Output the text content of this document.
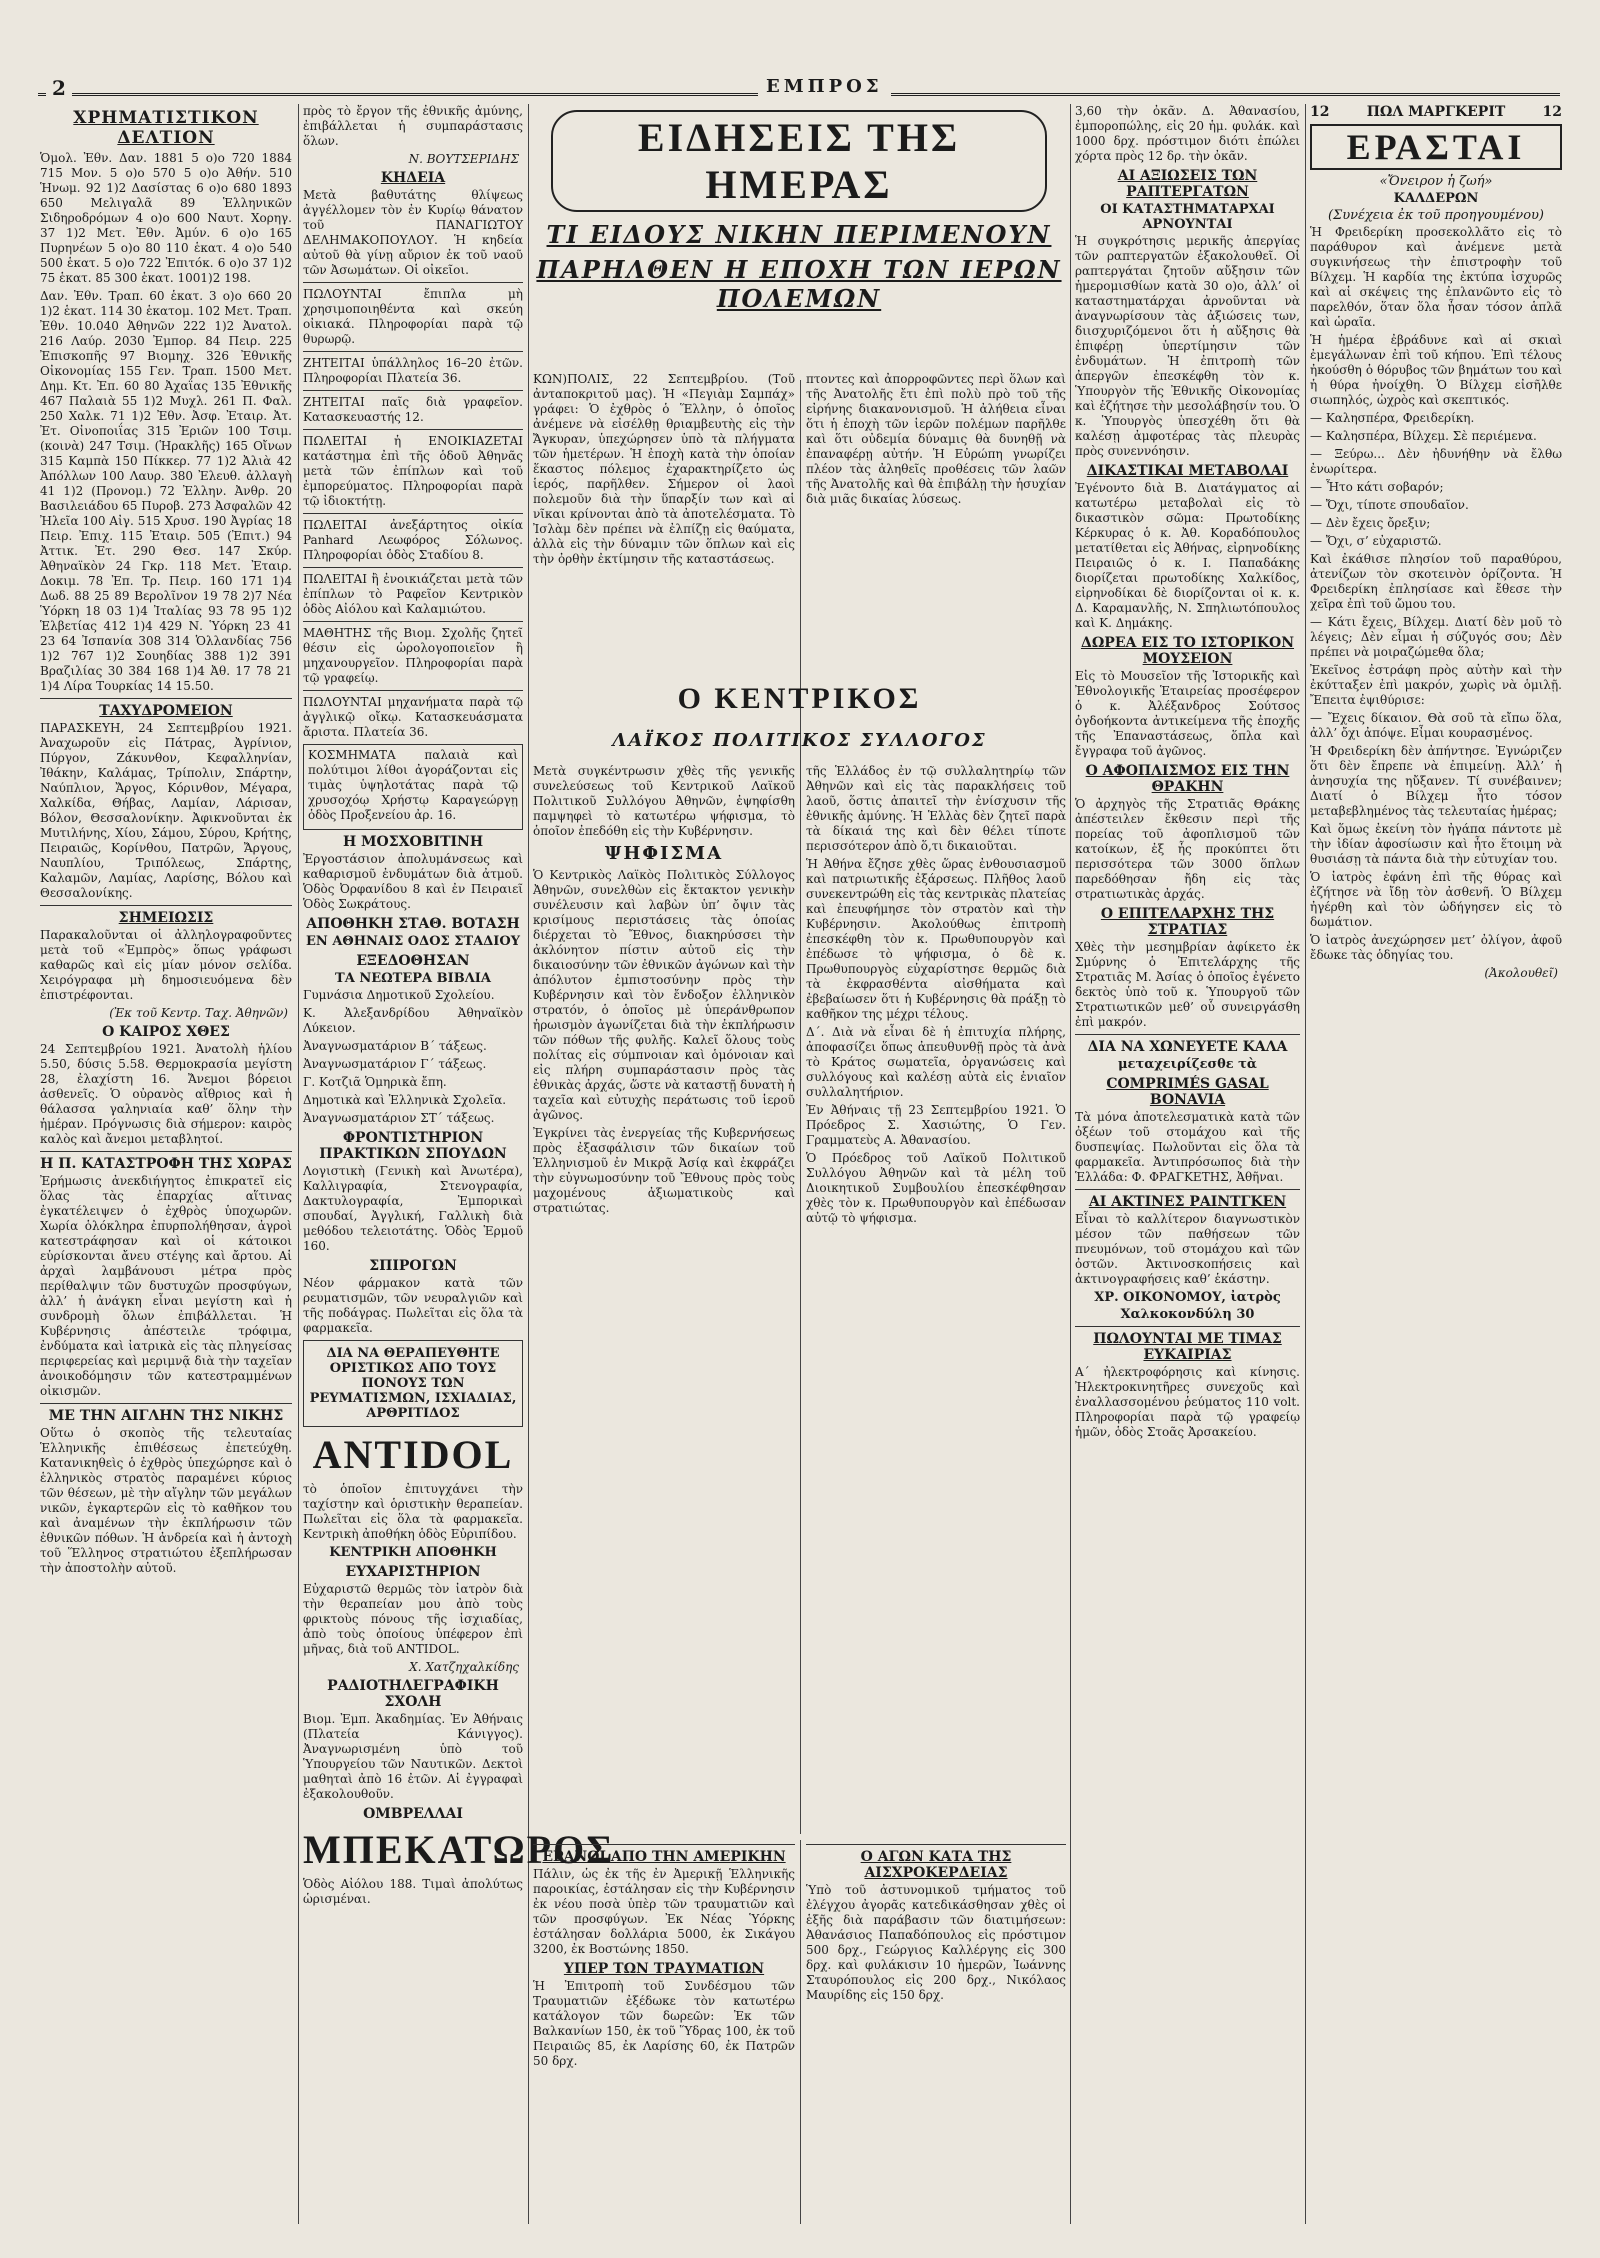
2	ΕΜΠΡΟΣ
ΧΡΗΜΑΤΙΣΤΙΚΟΝ ΔΕΛΤΙΟΝ

Ὁμολ. Ἐθν. Δαν. 1881 5 ο)ο 720 1884 715 Μον. 5 ο)ο 570 5 ο)ο Ἀθήν. 510 Ἡνωμ. 92 1)2 Δασίστας 6 ο)ο 680 1893 650 Μελιγαλᾶ 89 Ἑλληνικῶν Σιδηροδρόμων 4 ο)ο 600 Ναυτ. Χορηγ. 37 1)2 Μετ. Ἐθν. Ἀμύν. 6 ο)ο 165 Πυρηνέων 5 ο)ο 80 110 ἑκατ. 4 ο)ο 540 500 ἑκατ. 5 ο)ο 722 Ἐπιτόκ. 6 ο)ο 37 1)2 75 ἑκατ. 85 300 ἑκατ. 1001)2 198.

Δαν. Ἐθν. Τραπ. 60 ἑκατ. 3 ο)ο 660 20 1)2 ἑκατ. 114 30 ἑκατομ. 102 Μετ. Τραπ. Ἐθν. 10.040 Ἀθηνῶν 222 1)2 Ἀνατολ. 216 Λαύρ. 2030 Ἐμπορ. 84 Πειρ. 225 Ἐπισκοπῆς 97 Βιομηχ. 326 Ἐθνικῆς Οἰκονομίας 155 Γεν. Τραπ. 1500 Μετ. Δημ. Κτ. Ἐπ. 60 80 Ἀχαΐας 135 Ἐθνικῆς 467 Παλαιὰ 55 1)2 Μυχλ. 261 Π. Φαλ. 250 Χαλκ. 71 1)2 Ἐθν. Ἀσφ. Ἐταιρ. Ἀτ. Ἐτ. Οἰνοποιΐας 315 Ἐριῶν 100 Τσιμ. (κοινὰ) 247 Τσιμ. (Ἡρακλῆς) 165 Οἴνων 315 Καμπὰ 150 Πίκκερ. 77 1)2 Ἀλιὰ 42 Ἀπόλλων 100 Λαυρ. 380 Ἐλευθ. ἀλλαγὴ 41 1)2 (Προνομ.) 72 Ἐλλην. Ἀνθρ. 20 Βασιλειάδου 65 Πυροβ. 273 Ἀσφαλῶν 42 Ἠλεῖα 100 Αἰγ. 515 Χρυσ. 190 Ἀγρίας 18 Πειρ. Ἐπιχ. 115 Ἐταιρ. 505 (Ἐπιτ.) 94 Ἀττικ. Ἐτ. 290 Θεσ. 147 Σκύρ. Ἀθηναϊκὸν 24 Γκρ. 118 Μετ. Ἐταιρ. Δοκιμ. 78 Ἐπ. Τρ. Πειρ. 160 171 1)4 Δωδ. 88 25 89 Βερολῖνον 19 78 2)7 Νέα Ὑόρκη 18 03 1)4 Ἰταλίας 93 78 95 1)2 Ἑλβετίας 412 1)4 429 Ν. Ὑόρκη 23 41 23 64 Ἰσπανία 308 314 Ὁλλανδίας 756 1)2 767 1)2 Σουηδίας 388 1)2 391 Βραζιλίας 30 384 168 1)4 Ἀθ. 17 78 21 1)4 Λίρα Τουρκίας 14 15.50.

ΤΑΧΥΔΡΟΜΕΙΟΝ

ΠΑΡΑΣΚΕΥΗ, 24 Σεπτεμβρίου 1921. Ἀναχωροῦν εἰς Πάτρας, Ἀγρίνιον, Πύργον, Ζάκυνθον, Κεφαλληνίαν, Ἰθάκην, Καλάμας, Τρίπολιν, Σπάρτην, Ναύπλιον, Ἄργος, Κόρινθον, Μέγαρα, Χαλκίδα, Θήβας, Λαμίαν, Λάρισαν, Βόλον, Θεσσαλονίκην. Ἀφικνοῦνται ἐκ Μυτιλήνης, Χίου, Σάμου, Σύρου, Κρήτης, Πειραιῶς, Κορίνθου, Πατρῶν, Ἄργους, Ναυπλίου, Τριπόλεως, Σπάρτης, Καλαμῶν, Λαμίας, Λαρίσης, Βόλου καὶ Θεσσαλονίκης.

ΣΗΜΕΙΩΣΙΣ

Παρακαλοῦνται οἱ ἀλληλογραφοῦντες μετὰ τοῦ «Ἐμπρὸς» ὅπως γράφωσι καθαρῶς καὶ εἰς μίαν μόνον σελίδα. Χειρόγραφα μὴ δημοσιευόμενα δὲν ἐπιστρέφονται.

(Ἐκ τοῦ Κεντρ. Ταχ. Ἀθηνῶν)
Ο ΚΑΙΡΟΣ ΧΘΕΣ

24 Σεπτεμβρίου 1921. Ἀνατολὴ ἡλίου 5.50, δύσις 5.58. Θερμοκρασία μεγίστη 28, ἐλαχίστη 16. Ἄνεμοι βόρειοι ἀσθενεῖς. Ὁ οὐρανὸς αἴθριος καὶ ἡ θάλασσα γαληνιαία καθ’ ὅλην τὴν ἡμέραν. Πρόγνωσις διὰ σήμερον: καιρὸς καλὸς καὶ ἄνεμοι μεταβλητοί.

Η Π. ΚΑΤΑΣΤΡΟΦΗ ΤΗΣ ΧΩΡΑΣ

Ἐρήμωσις ἀνεκδιήγητος ἐπικρατεῖ εἰς ὅλας τὰς ἐπαρχίας αἵτινας ἐγκατέλειψεν ὁ ἐχθρὸς ὑποχωρῶν. Χωρία ὁλόκληρα ἐπυρπολήθησαν, ἀγροὶ κατεστράφησαν καὶ οἱ κάτοικοι εὑρίσκονται ἄνευ στέγης καὶ ἄρτου. Αἱ ἀρχαὶ λαμβάνουσι μέτρα πρὸς περίθαλψιν τῶν δυστυχῶν προσφύγων, ἀλλ’ ἡ ἀνάγκη εἶναι μεγίστη καὶ ἡ συνδρομὴ ὅλων ἐπιβάλλεται. Ἡ Κυβέρνησις ἀπέστειλε τρόφιμα, ἐνδύματα καὶ ἰατρικὰ εἰς τὰς πληγείσας περιφερείας καὶ μεριμνᾷ διὰ τὴν ταχεῖαν ἀνοικοδόμησιν τῶν κατεστραμμένων οἰκισμῶν.

ΜΕ ΤΗΝ ΑΙΓΛΗΝ ΤΗΣ ΝΙΚΗΣ

Οὕτω ὁ σκοπὸς τῆς τελευταίας Ἑλληνικῆς ἐπιθέσεως ἐπετεύχθη. Κατανικηθεὶς ὁ ἐχθρὸς ὑπεχώρησε καὶ ὁ ἑλληνικὸς στρατὸς παραμένει κύριος τῶν θέσεων, μὲ τὴν αἴγλην τῶν μεγάλων νικῶν, ἐγκαρτερῶν εἰς τὸ καθῆκον του καὶ ἀναμένων τὴν ἐκπλήρωσιν τῶν ἐθνικῶν πόθων. Ἡ ἀνδρεία καὶ ἡ ἀντοχὴ τοῦ Ἕλληνος στρατιώτου ἐξεπλήρωσαν τὴν ἀποστολὴν αὐτοῦ.

πρὸς τὸ ἔργον τῆς ἐθνικῆς ἀμύνης, ἐπιβάλλεται ἡ συμπαράστασις ὅλων.

Ν. ΒΟΥΤΣΕΡΙΔΗΣ
ΚΗΔΕΙΑ

Μετὰ βαθυτάτης θλίψεως ἀγγέλλομεν τὸν ἐν Κυρίῳ θάνατον τοῦ ΠΑΝΑΓΙΩΤΟΥ ΔΕΛΗΜΑΚΟΠΟΥΛΟΥ. Ἡ κηδεία αὐτοῦ θὰ γίνῃ αὔριον ἐκ τοῦ ναοῦ τῶν Ἀσωμάτων. Οἱ οἰκεῖοι.

ΠΩΛΟΥΝΤΑΙ ἔπιπλα μὴ χρησιμοποιηθέντα καὶ σκεύη οἰκιακά. Πληροφορίαι παρὰ τῷ θυρωρῷ.

ΖΗΤΕΙΤΑΙ ὑπάλληλος 16–20 ἐτῶν. Πληροφορίαι Πλατεία 36.

ΖΗΤΕΙΤΑΙ παῖς διὰ γραφεῖον. Κατασκευαστής 12.

ΠΩΛΕΙΤΑΙ ἡ ΕΝΟΙΚΙΑΖΕΤΑΙ κατάστημα ἐπὶ τῆς ὁδοῦ Ἀθηνᾶς μετὰ τῶν ἐπίπλων καὶ τοῦ ἐμπορεύματος. Πληροφορίαι παρὰ τῷ ἰδιοκτήτῃ.

ΠΩΛΕΙΤΑΙ ἀνεξάρτητος οἰκία Panhard Λεωφόρος Σόλωνος. Πληροφορίαι ὁδὸς Σταδίου 8.

ΠΩΛΕΙΤΑΙ ἢ ἐνοικιάζεται μετὰ τῶν ἐπίπλων τὸ Ραφεῖον Κεντρικὸν ὁδὸς Αἰόλου καὶ Καλαμιώτου.

ΜΑΘΗΤΗΣ τῆς Βιομ. Σχολῆς ζητεῖ θέσιν εἰς ὡρολογοποιεῖον ἢ μηχανουργεῖον. Πληροφορίαι παρὰ τῷ γραφείῳ.

ΠΩΛΟΥΝΤΑΙ μηχανήματα παρὰ τῷ ἀγγλικῷ οἴκῳ. Κατασκευάσματα ἄριστα. Πλατεία 36.

ΚΟΣΜΗΜΑΤΑ παλαιὰ καὶ πολύτιμοι λίθοι ἀγοράζονται εἰς τιμὰς ὑψηλοτάτας παρὰ τῷ χρυσοχόῳ Χρήστῳ Καραγεώργῃ ὁδὸς Προξενείου ἀρ. 16.

Η ΜΟΣΧΟΒΙΤΙΝΗ

Ἐργοστάσιον ἀπολυμάνσεως καὶ καθαρισμοῦ ἐνδυμάτων διὰ ἀτμοῦ. Ὁδὸς Ὀρφανίδου 8 καὶ ἐν Πειραιεῖ Ὁδὸς Σωκράτους.

ΑΠΟΘΗΚΗ ΣΤΑΘ. ΒΟΤΑΣΗ
ΕΝ ΑΘΗΝΑΙΣ ΟΔΟΣ ΣΤΑΔΙΟΥ
ΕΞΕΔΟΘΗΣΑΝ
ΤΑ ΝΕΩΤΕΡΑ ΒΙΒΛΙΑ

Γυμνάσια Δημοτικοῦ Σχολείου.

Κ. Ἀλεξανδρίδου Ἀθηναϊκὸν Λύκειον.

Ἀναγνωσματάριον Β΄ τάξεως.

Ἀναγνωσματάριον Γ΄ τάξεως.

Γ. Κοτζιᾶ Ὁμηρικὰ ἔπη.

Δημοτικὰ καὶ Ἑλληνικὰ Σχολεῖα.

Ἀναγνωσματάριον ΣΤ΄ τάξεως.

ΦΡΟΝΤΙΣΤΗΡΙΟΝ ΠΡΑΚΤΙΚΩΝ ΣΠΟΥΔΩΝ

Λογιστικὴ (Γενικὴ καὶ Ἀνωτέρα), Καλλιγραφία, Στενογραφία, Δακτυλογραφία, Ἐμπορικαὶ σπουδαί, Ἀγγλική, Γαλλικὴ διὰ μεθόδου τελειοτάτης. Ὁδὸς Ἑρμοῦ 160.

ΣΠΙΡΟΓΩΝ

Νέον φάρμακον κατὰ τῶν ρευματισμῶν, τῶν νευραλγιῶν καὶ τῆς ποδάγρας. Πωλεῖται εἰς ὅλα τὰ φαρμακεῖα.

ΔΙΑ ΝΑ ΘΕΡΑΠΕΥΘΗΤΕ ΟΡΙΣΤΙΚΩΣ ΑΠΟ ΤΟΥΣ ΠΟΝΟΥΣ ΤΩΝ ΡΕΥΜΑΤΙΣΜΩΝ, ΙΣΧΙΑΔΙΑΣ, ΑΡΘΡΙΤΙΔΟΣ
ANTIDOL

τὸ ὁποῖον ἐπιτυγχάνει τὴν ταχίστην καὶ ὁριστικὴν θεραπείαν. Πωλεῖται εἰς ὅλα τὰ φαρμακεῖα. Κεντρικὴ ἀποθήκη ὁδὸς Εὐριπίδου.

ΚΕΝΤΡΙΚΗ ΑΠΟΘΗΚΗ
ΕΥΧΑΡΙΣΤΗΡΙΟΝ

Εὐχαριστῶ θερμῶς τὸν ἰατρὸν διὰ τὴν θεραπείαν μου ἀπὸ τοὺς φρικτοὺς πόνους τῆς ἰσχιαδίας, ἀπὸ τοὺς ὁποίους ὑπέφερον ἐπὶ μῆνας, διὰ τοῦ ANTIDOL.

Χ. Χατζηχαλκίδης
ΡΑΔΙΟΤΗΛΕΓΡΑΦΙΚΗ ΣΧΟΛΗ

Βιομ. Ἐμπ. Ἀκαδημίας. Ἐν Ἀθήναις (Πλατεία Κάνιγγος). Ἀναγνωρισμένη ὑπὸ τοῦ Ὑπουργείου τῶν Ναυτικῶν. Δεκτοὶ μαθηταὶ ἀπὸ 16 ἐτῶν. Αἱ ἐγγραφαὶ ἐξακολουθοῦν.

ΟΜΒΡΕΛΛΑΙ
ΜΠΕΚΑΤΩΡΟΣ

Ὁδὸς Αἰόλου 188. Τιμαὶ ἀπολύτως ὡρισμέναι.

ΕΙΔΗΣΕΙΣ ΤΗΣ ΗΜΕΡΑΣ
ΤΙ ΕΙΔΟΥΣ ΝΙΚΗΝ ΠΕΡΙΜΕΝΟΥΝ
ΠΑΡΗΛΘΕΝ Η ΕΠΟΧΗ ΤΩΝ ΙΕΡΩΝ ΠΟΛΕΜΩΝ

ΚΩΝ)ΠΟΛΙΣ, 22 Σεπτεμβρίου. (Τοῦ ἀνταποκριτοῦ μας). Ἡ «Πεγιὰμ Σαμπάχ» γράφει: Ὁ ἐχθρὸς ὁ Ἕλλην, ὁ ὁποῖος ἀνέμενε νὰ εἰσέλθῃ θριαμβευτὴς εἰς τὴν Ἄγκυραν, ὑπεχώρησεν ὑπὸ τὰ πλήγματα τῶν ἡμετέρων. Ἡ ἐποχὴ κατὰ τὴν ὁποίαν ἕκαστος πόλεμος ἐχαρακτηρίζετο ὡς ἱερός, παρῆλθεν. Σήμερον οἱ λαοὶ πολεμοῦν διὰ τὴν ὕπαρξίν των καὶ αἱ νῖκαι κρίνονται ἀπὸ τὰ ἀποτελέσματα. Τὸ Ἰσλὰμ δὲν πρέπει νὰ ἐλπίζῃ εἰς θαύματα, ἀλλὰ εἰς τὴν δύναμιν τῶν ὅπλων καὶ εἰς τὴν ὀρθὴν ἐκτίμησιν τῆς καταστάσεως.

πτοντες καὶ ἀπορροφῶντες περὶ ὅλων καὶ τῆς Ἀνατολῆς ἔτι ἐπὶ πολὺ πρὸ τοῦ τῆς εἰρήνης διακανονισμοῦ. Ἡ ἀλήθεια εἶναι ὅτι ἡ ἐποχὴ τῶν ἱερῶν πολέμων παρῆλθε καὶ ὅτι οὐδεμία δύναμις θὰ δυνηθῇ νὰ ἐπαναφέρῃ αὐτήν. Ἡ Εὐρώπη γνωρίζει πλέον τὰς ἀληθεῖς προθέσεις τῶν λαῶν τῆς Ἀνατολῆς καὶ θὰ ἐπιβάλῃ τὴν ἡσυχίαν διὰ μιᾶς δικαίας λύσεως.

Ο ΚΕΝΤΡΙΚΟΣ
ΛΑΪΚΟΣ ΠΟΛΙΤΙΚΟΣ ΣΥΛΛΟΓΟΣ

Μετὰ συγκέντρωσιν χθὲς τῆς γενικῆς συνελεύσεως τοῦ Κεντρικοῦ Λαϊκοῦ Πολιτικοῦ Συλλόγου Ἀθηνῶν, ἐψηφίσθη παμψηφεὶ τὸ κατωτέρω ψήφισμα, τὸ ὁποῖον ἐπεδόθη εἰς τὴν Κυβέρνησιν.

ΨΗΦΙΣΜΑ

Ὁ Κεντρικὸς Λαϊκὸς Πολιτικὸς Σύλλογος Ἀθηνῶν, συνελθὼν εἰς ἔκτακτον γενικὴν συνέλευσιν καὶ λαβὼν ὑπ’ ὄψιν τὰς κρισίμους περιστάσεις τὰς ὁποίας διέρχεται τὸ Ἔθνος, διακηρύσσει τὴν ἀκλόνητον πίστιν αὐτοῦ εἰς τὴν δικαιοσύνην τῶν ἐθνικῶν ἀγώνων καὶ τὴν ἀπόλυτον ἐμπιστοσύνην πρὸς τὴν Κυβέρνησιν καὶ τὸν ἔνδοξον ἑλληνικὸν στρατόν, ὁ ὁποῖος μὲ ὑπεράνθρωπον ἡρωισμὸν ἀγωνίζεται διὰ τὴν ἐκπλήρωσιν τῶν πόθων τῆς φυλῆς. Καλεῖ ὅλους τοὺς πολίτας εἰς σύμπνοιαν καὶ ὁμόνοιαν καὶ εἰς πλήρη συμπαράστασιν πρὸς τὰς ἐθνικὰς ἀρχάς, ὥστε νὰ καταστῇ δυνατὴ ἡ ταχεῖα καὶ εὐτυχὴς περάτωσις τοῦ ἱεροῦ ἀγῶνος.

Ἐγκρίνει τὰς ἐνεργείας τῆς Κυβερνήσεως πρὸς ἐξασφάλισιν τῶν δικαίων τοῦ Ἑλληνισμοῦ ἐν Μικρᾷ Ἀσίᾳ καὶ ἐκφράζει τὴν εὐγνωμοσύνην τοῦ Ἔθνους πρὸς τοὺς μαχομένους ἀξιωματικοὺς καὶ στρατιώτας.

τῆς Ἑλλάδος ἐν τῷ συλλαλητηρίῳ τῶν Ἀθηνῶν καὶ εἰς τὰς παρακλήσεις τοῦ λαοῦ, ὅστις ἀπαιτεῖ τὴν ἐνίσχυσιν τῆς ἐθνικῆς ἀμύνης. Ἡ Ἑλλὰς δὲν ζητεῖ παρὰ τὰ δίκαιά της καὶ δὲν θέλει τίποτε περισσότερον ἀπὸ ὅ,τι δικαιοῦται.

Ἡ Ἀθήνα ἔζησε χθὲς ὥρας ἐνθουσιασμοῦ καὶ πατριωτικῆς ἐξάρσεως. Πλῆθος λαοῦ συνεκεντρώθη εἰς τὰς κεντρικὰς πλατείας καὶ ἐπευφήμησε τὸν στρατὸν καὶ τὴν Κυβέρνησιν. Ἀκολούθως ἐπιτροπὴ ἐπεσκέφθη τὸν κ. Πρωθυπουργὸν καὶ ἐπέδωσε τὸ ψήφισμα, ὁ δὲ κ. Πρωθυπουργὸς εὐχαρίστησε θερμῶς διὰ τὰ ἐκφρασθέντα αἰσθήματα καὶ ἐβεβαίωσεν ὅτι ἡ Κυβέρνησις θὰ πράξῃ τὸ καθῆκον της μέχρι τέλους.

Δ΄. Διὰ νὰ εἶναι δὲ ἡ ἐπιτυχία πλήρης, ἀποφασίζει ὅπως ἀπευθυνθῇ πρὸς τὰ ἀνὰ τὸ Κράτος σωματεῖα, ὀργανώσεις καὶ συλλόγους καὶ καλέσῃ αὐτὰ εἰς ἐνιαῖον συλλαλητήριον.

Ἐν Ἀθήναις τῇ 23 Σεπτεμβρίου 1921. Ὁ Πρόεδρος Σ. Χασιώτης, Ὁ Γεν. Γραμματεὺς Α. Ἀθανασίου.

Ὁ Πρόεδρος τοῦ Λαϊκοῦ Πολιτικοῦ Συλλόγου Ἀθηνῶν καὶ τὰ μέλη τοῦ Διοικητικοῦ Συμβουλίου ἐπεσκέφθησαν χθὲς τὸν κ. Πρωθυπουργὸν καὶ ἐπέδωσαν αὐτῷ τὸ ψήφισμα.

ΕΡΑΝΟΙ ΑΠΟ ΤΗΝ ΑΜΕΡΙΚΗΝ

Πάλιν, ὡς ἐκ τῆς ἐν Ἀμερικῇ Ἑλληνικῆς παροικίας, ἐστάλησαν εἰς τὴν Κυβέρνησιν ἐκ νέου ποσὰ ὑπὲρ τῶν τραυματιῶν καὶ τῶν προσφύγων. Ἐκ Νέας Ὑόρκης ἐστάλησαν δολλάρια 5000, ἐκ Σικάγου 3200, ἐκ Βοστώνης 1850.

ΥΠΕΡ ΤΩΝ ΤΡΑΥΜΑΤΙΩΝ

Ἡ Ἐπιτροπὴ τοῦ Συνδέσμου τῶν Τραυματιῶν ἐξέδωκε τὸν κατωτέρω κατάλογον τῶν δωρεῶν: Ἐκ τῶν Βαλκανίων 150, ἐκ τοῦ Ὕδρας 100, ἐκ τοῦ Πειραιῶς 85, ἐκ Λαρίσης 60, ἐκ Πατρῶν 50 δρχ.

Ο ΑΓΩΝ ΚΑΤΑ ΤΗΣ ΑΙΣΧΡΟΚΕΡΔΕΙΑΣ

Ὑπὸ τοῦ ἀστυνομικοῦ τμήματος τοῦ ἐλέγχου ἀγορᾶς κατεδικάσθησαν χθὲς οἱ ἑξῆς διὰ παράβασιν τῶν διατιμήσεων: Ἀθανάσιος Παπαδόπουλος εἰς πρόστιμον 500 δρχ., Γεώργιος Καλλέργης εἰς 300 δρχ. καὶ φυλάκισιν 10 ἡμερῶν, Ἰωάννης Σταυρόπουλος εἰς 200 δρχ., Νικόλαος Μαυρίδης εἰς 150 δρχ.

3,60 τὴν ὀκᾶν. Δ. Ἀθανασίου, ἐμποροπώλης, εἰς 20 ἡμ. φυλάκ. καὶ 1000 δρχ. πρόστιμον διότι ἐπώλει χόρτα πρὸς 12 δρ. τὴν ὀκᾶν.

ΑΙ ΑΞΙΩΣΕΙΣ ΤΩΝ ΡΑΠΤΕΡΓΑΤΩΝ
ΟΙ ΚΑΤΑΣΤΗΜΑΤΑΡΧΑΙ ΑΡΝΟΥΝΤΑΙ

Ἡ συγκρότησις μερικῆς ἀπεργίας τῶν ραπτεργατῶν ἐξακολουθεῖ. Οἱ ραπτεργάται ζητοῦν αὔξησιν τῶν ἡμερομισθίων κατὰ 30 ο)ο, ἀλλ’ οἱ καταστηματάρχαι ἀρνοῦνται νὰ ἀναγνωρίσουν τὰς ἀξιώσεις των, διισχυριζόμενοι ὅτι ἡ αὔξησις θὰ ἐπιφέρῃ ὑπερτίμησιν τῶν ἐνδυμάτων. Ἡ ἐπιτροπὴ τῶν ἀπεργῶν ἐπεσκέφθη τὸν κ. Ὑπουργὸν τῆς Ἐθνικῆς Οἰκονομίας καὶ ἐζήτησε τὴν μεσολάβησίν του. Ὁ κ. Ὑπουργὸς ὑπεσχέθη ὅτι θὰ καλέσῃ ἀμφοτέρας τὰς πλευρὰς πρὸς συνεννόησιν.

ΔΙΚΑΣΤΙΚΑΙ ΜΕΤΑΒΟΛΑΙ

Ἐγένοντο διὰ Β. Διατάγματος αἱ κατωτέρω μεταβολαὶ εἰς τὸ δικαστικὸν σῶμα: Πρωτοδίκης Κέρκυρας ὁ κ. Ἀθ. Κοραδόπουλος μετατίθεται εἰς Ἀθήνας, εἰρηνοδίκης Πειραιῶς ὁ κ. Ι. Παπαδάκης διορίζεται πρωτοδίκης Χαλκίδος, εἰρηνοδίκαι δὲ διορίζονται οἱ κ. κ. Δ. Καραμανλῆς, Ν. Σπηλιωτόπουλος καὶ Κ. Δημάκης.

ΔΩΡΕΑ ΕΙΣ ΤΟ ΙΣΤΟΡΙΚΟΝ ΜΟΥΣΕΙΟΝ

Εἰς τὸ Μουσεῖον τῆς Ἱστορικῆς καὶ Ἐθνολογικῆς Ἑταιρείας προσέφερον ὁ κ. Ἀλέξανδρος Σούτσος ὀγδοήκοντα ἀντικείμενα τῆς ἐποχῆς τῆς Ἐπαναστάσεως, ὅπλα καὶ ἔγγραφα τοῦ ἀγῶνος.

Ο ΑΦΟΠΛΙΣΜΟΣ ΕΙΣ ΤΗΝ ΘΡΑΚΗΝ

Ὁ ἀρχηγὸς τῆς Στρατιᾶς Θράκης ἀπέστειλεν ἔκθεσιν περὶ τῆς πορείας τοῦ ἀφοπλισμοῦ τῶν κατοίκων, ἐξ ἧς προκύπτει ὅτι περισσότερα τῶν 3000 ὅπλων παρεδόθησαν ἤδη εἰς τὰς στρατιωτικὰς ἀρχάς.

Ο ΕΠΙΤΕΛΑΡΧΗΣ ΤΗΣ ΣΤΡΑΤΙΑΣ

Χθὲς τὴν μεσημβρίαν ἀφίκετο ἐκ Σμύρνης ὁ Ἐπιτελάρχης τῆς Στρατιᾶς Μ. Ἀσίας ὁ ὁποῖος ἐγένετο δεκτὸς ὑπὸ τοῦ κ. Ὑπουργοῦ τῶν Στρατιωτικῶν μεθ’ οὗ συνειργάσθη ἐπὶ μακρόν.

ΔΙΑ ΝΑ ΧΩΝΕΥΕΤΕ ΚΑΛΑ
μεταχειρίζεσθε τὰ
COMPRIMÉS GASAL BONAVIA

Τὰ μόνα ἀποτελεσματικὰ κατὰ τῶν ὀξέων τοῦ στομάχου καὶ τῆς δυσπεψίας. Πωλοῦνται εἰς ὅλα τὰ φαρμακεῖα. Ἀντιπρόσωπος διὰ τὴν Ἑλλάδα: Φ. ΦΡΑΓΚΕΤΗΣ, Ἀθῆναι.

ΑΙ ΑΚΤΙΝΕΣ ΡΑΙΝΤΓΚΕΝ

Εἶναι τὸ καλλίτερον διαγνωστικὸν μέσον τῶν παθήσεων τῶν πνευμόνων, τοῦ στομάχου καὶ τῶν ὀστῶν. Ἀκτινοσκοπήσεις καὶ ἀκτινογραφήσεις καθ’ ἑκάστην.

ΧΡ. ΟΙΚΟΝΟΜΟΥ, ἰατρὸς
Χαλκοκονδύλη 30
ΠΩΛΟΥΝΤΑΙ ΜΕ ΤΙΜΑΣ ΕΥΚΑΙΡΙΑΣ

Α΄ ἠλεκτροφόρησις καὶ κίνησις. Ἠλεκτροκινητῆρες συνεχοῦς καὶ ἐναλλασσομένου ῥεύματος 110 volt. Πληροφορίαι παρὰ τῷ γραφείῳ ἡμῶν, ὁδὸς Στοᾶς Ἀρσακείου.

12	ΠΩΛ ΜΑΡΓΚΕΡΙΤ	12
ΕΡΑΣΤΑΙ
«Ὄνειρον ἡ ζωή»
ΚΑΛΔΕΡΩΝ
(Συνέχεια ἐκ τοῦ προηγουμένου)

Ἡ Φρειδερίκη προσεκολλᾶτο εἰς τὸ παράθυρον καὶ ἀνέμενε μετὰ συγκινήσεως τὴν ἐπιστροφὴν τοῦ Βίλχεμ. Ἡ καρδία της ἐκτύπα ἰσχυρῶς καὶ αἱ σκέψεις της ἐπλανῶντο εἰς τὸ παρελθόν, ὅταν ὅλα ἦσαν τόσον ἁπλᾶ καὶ ὡραῖα.

Ἡ ἡμέρα ἐβράδυνε καὶ αἱ σκιαὶ ἐμεγάλωναν ἐπὶ τοῦ κήπου. Ἐπὶ τέλους ἠκούσθη ὁ θόρυβος τῶν βημάτων του καὶ ἡ θύρα ἠνοίχθη. Ὁ Βίλχεμ εἰσῆλθε σιωπηλός, ὠχρὸς καὶ σκεπτικός.

— Καλησπέρα, Φρειδερίκη.

— Καλησπέρα, Βίλχεμ. Σὲ περιέμενα.

— Ξεύρω... Δὲν ἠδυνήθην νὰ ἔλθω ἐνωρίτερα.

— Ἦτο κάτι σοβαρόν;

— Ὄχι, τίποτε σπουδαῖον.

— Δὲν ἔχεις ὄρεξιν;

— Ὄχι, σ’ εὐχαριστῶ.

Καὶ ἐκάθισε πλησίον τοῦ παραθύρου, ἀτενίζων τὸν σκοτεινὸν ὁρίζοντα. Ἡ Φρειδερίκη ἐπλησίασε καὶ ἔθεσε τὴν χεῖρα ἐπὶ τοῦ ὤμου του.

— Κάτι ἔχεις, Βίλχεμ. Διατί δὲν μοῦ τὸ λέγεις; Δὲν εἶμαι ἡ σύζυγός σου; Δὲν πρέπει νὰ μοιραζώμεθα ὅλα;

Ἐκεῖνος ἐστράφη πρὸς αὐτὴν καὶ τὴν ἐκύτταξεν ἐπὶ μακρόν, χωρὶς νὰ ὁμιλῇ. Ἔπειτα ἐψιθύρισε:

— Ἔχεις δίκαιον. Θὰ σοῦ τὰ εἴπω ὅλα, ἀλλ’ ὄχι ἀπόψε. Εἶμαι κουρασμένος.

Ἡ Φρειδερίκη δὲν ἀπήντησε. Ἐγνώριζεν ὅτι δὲν ἔπρεπε νὰ ἐπιμείνῃ. Ἀλλ’ ἡ ἀνησυχία της ηὔξανεν. Τί συνέβαινεν; Διατί ὁ Βίλχεμ ἦτο τόσον μεταβεβλημένος τὰς τελευταίας ἡμέρας;

Καὶ ὅμως ἐκείνη τὸν ἠγάπα πάντοτε μὲ τὴν ἰδίαν ἀφοσίωσιν καὶ ἦτο ἕτοιμη νὰ θυσιάσῃ τὰ πάντα διὰ τὴν εὐτυχίαν του.

Ὁ ἰατρὸς ἐφάνη ἐπὶ τῆς θύρας καὶ ἐζήτησε νὰ ἴδῃ τὸν ἀσθενῆ. Ὁ Βίλχεμ ἠγέρθη καὶ τὸν ὡδήγησεν εἰς τὸ δωμάτιον.

Ὁ ἰατρὸς ἀνεχώρησεν μετ’ ὀλίγον, ἀφοῦ ἔδωκε τὰς ὁδηγίας του.

(Ἀκολουθεῖ)
